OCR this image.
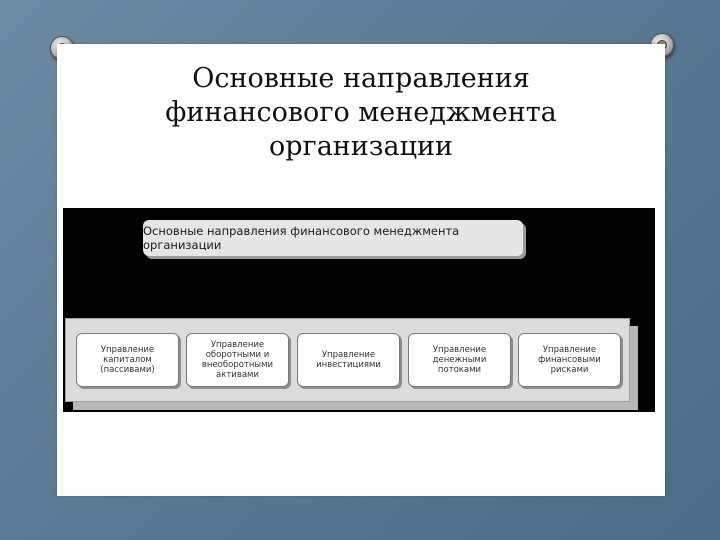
Основные направления
финансового менеджмента
организации
Основные направления финансового менеджмента организации
Управление капиталом (пассивами)
Управление оборотными и внеоборотными активами
Управление инвестициями
Управление денежными потоками
Управление финансовыми рисками
